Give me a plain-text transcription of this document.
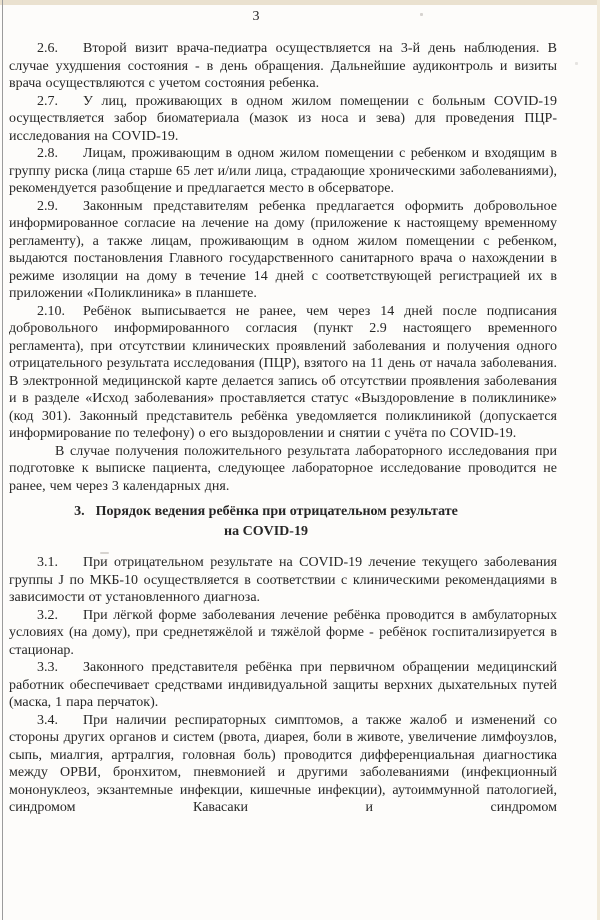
3

2.6. Второй визит врача-педиатра осуществляется на 3-й день наблюдения. В случае ухудшения состояния - в день обращения. Дальнейшие аудиконтроль и визиты врача осуществляются с учетом состояния ребенка.

2.7. У лиц, проживающих в одном жилом помещении с больным COVID-19 осуществляется забор биоматериала (мазок из носа и зева) для проведения ПЦР-исследования на COVID-19.

2.8. Лицам, проживающим в одном жилом помещении с ребенком и входящим в группу риска (лица старше 65 лет и/или лица, страдающие хроническими заболеваниями), рекомендуется разобщение и предлагается место в обсерваторе.

2.9. Законным представителям ребенка предлагается оформить добровольное информированное согласие на лечение на дому (приложение к настоящему временному регламенту), а также лицам, проживающим в одном жилом помещении с ребенком, выдаются постановления Главного государственного санитарного врача о нахождении в режиме изоляции на дому в течение 14 дней с соответствующей регистрацией их в приложении «Поликлиника» в планшете.

2.10. Ребёнок выписывается не ранее, чем через 14 дней после подписания добровольного информированного согласия (пункт 2.9 настоящего временного регламента), при отсутствии клинических проявлений заболевания и получения одного отрицательного результата исследования (ПЦР), взятого на 11 день от начала заболевания. В электронной медицинской карте делается запись об отсутствии проявления заболевания и в разделе «Исход заболевания» проставляется статус «Выздоровление в поликлинике» (код 301). Законный представитель ребёнка уведомляется поликлиникой (допускается информирование по телефону) о его выздоровлении и снятии с учёта по COVID-19.

В случае получения положительного результата лабораторного исследования при подготовке к выписке пациента, следующее лабораторное исследование проводится не ранее, чем через 3 календарных дня.

3. Порядок ведения ребёнка при отрицательном результате
на COVID-19

3.1. При отрицательном результате на COVID-19 лечение текущего заболевания группы J по МКБ-10 осуществляется в соответствии с клиническими рекомендациями в зависимости от установленного диагноза.

3.2. При лёгкой форме заболевания лечение ребёнка проводится в амбулаторных условиях (на дому), при среднетяжёлой и тяжёлой форме - ребёнок госпитализируется в стационар.

3.3. Законного представителя ребёнка при первичном обращении медицинский работник обеспечивает средствами индивидуальной защиты верхних дыхательных путей (маска, 1 пара перчаток).

3.4. При наличии респираторных симптомов, а также жалоб и изменений со стороны других органов и систем (рвота, диарея, боли в животе, увеличение лимфоузлов, сыпь, миалгия, артралгия, головная боль) проводится дифференциальная диагностика между ОРВИ, бронхитом, пневмонией и другими заболеваниями (инфекционный мононуклеоз, экзантемные инфекции, кишечные инфекции), аутоиммунной патологией, синдромом Кавасаки и синдромом
